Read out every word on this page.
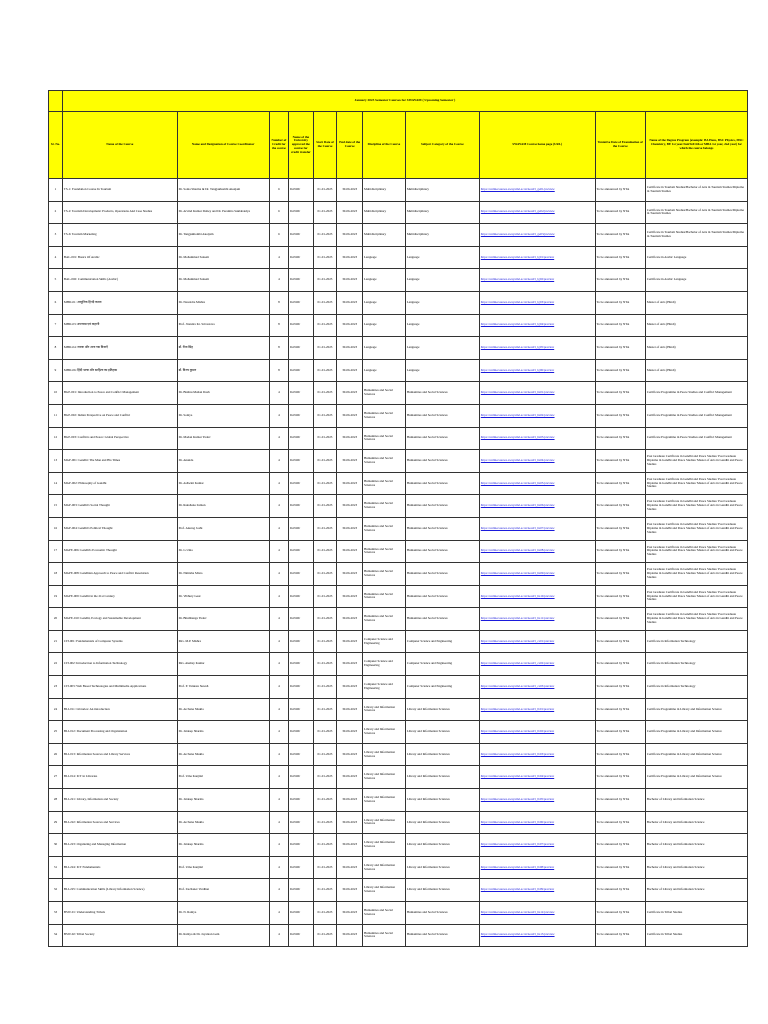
	January 2023 Semester Courses for SWAYAM ( Upcoming Semester )										
Sr. No.	Name of the Course	Name and Designation of Course Coordinator	Number of Credit for the course	Name of the University approved the course for credit transfer	Start Date of the Course	End date of the Course	Discipline of the Course	Subject Category of the Course	SWAYAM Course home page (URL)	Tentative Date of Examination of the Course	Name of the Degree Program (example: BA Hons, BSC Physics, MSC Chemistry, BE 1st year/2nd/3rd/4th or MBA 1st year, 2nd year) for which the course belongs
1	TS-1: Foundation Course In Tourism	Dr. Sonia Sharma & Dr. Tangjakhombi Akoijam	6	IGNOU	01-01-2023	30-06-2023	Multidisciplinary	Multidisciplinary	https://onlinecourses.swayam2.ac.in/nou23_ge01/preview	To be announced by NTA	Certificate in Tourism Studies/Bachelor of Arts in Tourism Studies/Diploma in Tourism Studies
2	TS-2: Tourism Development: Products, Operations And Case Studies	Dr. Arvind Kumar Dubey and Dr. Paramita Suklabaidya	6	IGNOU	01-01-2023	30-06-2023	Multidisciplinary	Multidisciplinary	https://onlinecourses.swayam2.ac.in/nou23_ge02/preview	To be announced by NTA	Certificate in Tourism Studies/Bachelor of Arts in Tourism Studies/Diploma in Tourism Studies
3	TS-6: Tourism Marketing	Dr. Tangjakhombi Akoijam	6	IGNOU	01-01-2023	30-06-2023	Multidisciplinary	Multidisciplinary	https://onlinecourses.swayam2.ac.in/nou23_ge03/preview	To be announced by NTA	Certificate in Tourism Studies/Bachelor of Arts in Tourism Studies/Diploma in Tourism Studies
4	BAL-001: Basics Of Arabic	Dr. Mohammad Saleem	4	IGNOU	01-01-2023	30-06-2023	Language	Language	https://onlinecourses.swayam2.ac.in/nou23_lg01/preview	To be announced by NTA	Certificate in Arabic Language
5	BAL-002: Communication Skills (Arabic)	Dr. Mohammad Saleem	4	IGNOU	01-01-2023	30-06-2023	Language	Language	https://onlinecourses.swayam2.ac.in/nou23_lg02/preview	To be announced by NTA	Certificate in Arabic Language
6	MHD-01: आधुनिक हिन्दी काव्य	Dr. Narendra Mishra	8	IGNOU	01-01-2023	30-06-2023	Language	Language	https://onlinecourses.swayam2.ac.in/nou23_lg03/preview	To be announced by NTA	Master of Arts (Hindi)
7	MHD-03: उपन्यास एवं कहानी	Prof. Jitendra Kr. Srivastava	8	IGNOU	01-01-2023	30-06-2023	Language	Language	https://onlinecourses.swayam2.ac.in/nou23_lg04/preview	To be announced by NTA	Master of Arts (Hindi)
8	MHD-04: नाटक और अन्य गद्य विधाएँ	डॉ. रीता सिंह	8	IGNOU	01-01-2023	30-06-2023	Language	Language	https://onlinecourses.swayam2.ac.in/nou23_lg05/preview	To be announced by NTA	Master of Arts (Hindi)
9	MHD-06: हिंदी भाषा और साहित्य का इतिहास	डॉ. विनय कुमार	8	IGNOU	01-01-2023	30-06-2023	Language	Language	https://onlinecourses.swayam2.ac.in/nou23_lg06/preview	To be announced by NTA	Master of Arts (Hindi)
10	BGP-001: Introduction to Peace and Conflict Management	Dr. Bishnu Mohan Dash	4	IGNOU	01-01-2023	30-06-2023	Humanities and Social Sciences	Humanities and Social Sciences	https://onlinecourses.swayam2.ac.in/nou23_hs01/preview	To be announced by NTA	Certificate Programme in Peace Studies and Conflict Management
11	BGP-002: Indian Perspective on Peace and Conflict	Dr. Soniya	4	IGNOU	01-01-2023	30-06-2023	Humanities and Social Sciences	Humanities and Social Sciences	https://onlinecourses.swayam2.ac.in/nou23_hs02/preview	To be announced by NTA	Certificate Programme in Peace Studies and Conflict Management
12	BGP-003: Conflicts and Peace: Global Perspective	Dr. Madan Kumar Yadav	4	IGNOU	01-01-2023	30-06-2023	Humanities and Social Sciences	Humanities and Social Sciences	https://onlinecourses.swayam2.ac.in/nou23_hs03/preview	To be announced by NTA	Certificate Programme in Peace Studies and Conflict Management
13	MGP-001: Gandhi: The Man and His Times	Dr. Anunda	4	IGNOU	01-01-2023	30-06-2023	Humanities and Social Sciences	Humanities and Social Sciences	https://onlinecourses.swayam2.ac.in/nou23_hs04/preview	To be announced by NTA	Post Graduate Certificate in Gandhi and Peace Studies/ Post Graduate Diploma in Gandhi and Peace Studies/ Master of Arts in Gandhi and Peace Studies
14	MGP-002: Philosophy of Gandhi	Dr. Ashwini Kumar	4	IGNOU	01-01-2023	30-06-2023	Humanities and Social Sciences	Humanities and Social Sciences	https://onlinecourses.swayam2.ac.in/nou23_hs05/preview	To be announced by NTA	Post Graduate Certificate in Gandhi and Peace Studies/ Post Graduate Diploma in Gandhi and Peace Studies/ Master of Arts in Gandhi and Peace Studies
15	MGP-003: Gandhi's Social Thought	Dr. Rakshana Zaman	4	IGNOU	01-01-2023	30-06-2023	Humanities and Social Sciences	Humanities and Social Sciences	https://onlinecourses.swayam2.ac.in/nou23_hs06/preview	To be announced by NTA	Post Graduate Certificate in Gandhi and Peace Studies/ Post Graduate Diploma in Gandhi and Peace Studies/ Master of Arts in Gandhi and Peace Studies
16	MGP-004: Gandhi's Political Thought	Prof. Anurag Joshi	4	IGNOU	01-01-2023	30-06-2023	Humanities and Social Sciences	Humanities and Social Sciences	https://onlinecourses.swayam2.ac.in/nou23_hs07/preview	To be announced by NTA	Post Graduate Certificate in Gandhi and Peace Studies/ Post Graduate Diploma in Gandhi and Peace Studies/ Master of Arts in Gandhi and Peace Studies
17	MGPE-006: Gandhi's Economic Thought	Dr. G Uma	4	IGNOU	01-01-2023	30-06-2023	Humanities and Social Sciences	Humanities and Social Sciences	https://onlinecourses.swayam2.ac.in/nou23_hs08/preview	To be announced by NTA	Post Graduate Certificate in Gandhi and Peace Studies/ Post Graduate Diploma in Gandhi and Peace Studies/ Master of Arts in Gandhi and Peace Studies
18	MGPE-008: Gandhian Approach to Peace and Conflict Resolution	Dr. Nimisha Misra	4	IGNOU	01-01-2023	30-06-2023	Humanities and Social Sciences	Humanities and Social Sciences	https://onlinecourses.swayam2.ac.in/nou23_hs09/preview	To be announced by NTA	Post Graduate Certificate in Gandhi and Peace Studies/ Post Graduate Diploma in Gandhi and Peace Studies/ Master of Arts in Gandhi and Peace Studies
19	MGPE-009: Gandhi in the 21st Century	Dr. Vibhuty Gaur	4	IGNOU	01-01-2023	30-06-2023	Humanities and Social Sciences	Humanities and Social Sciences	https://onlinecourses.swayam2.ac.in/nou23_hs10/preview	To be announced by NTA	Post Graduate Certificate in Gandhi and Peace Studies/ Post Graduate Diploma in Gandhi and Peace Studies/ Master of Arts in Gandhi and Peace Studies
20	MGPE-010: Gandhi, Ecology and Sustainable Development	Dr. Bhubhanga Yadav	4	IGNOU	01-01-2023	30-06-2023	Humanities and Social Sciences	Humanities and Social Sciences	https://onlinecourses.swayam2.ac.in/nou23_hs11/preview	To be announced by NTA	Post Graduate Certificate in Gandhi and Peace Studies/ Post Graduate Diploma in Gandhi and Peace Studies/ Master of Arts in Gandhi and Peace Studies
21	CIT-001: Fundamentals of Computer Systems	Mrs. M.P. Mishra	4	IGNOU	01-01-2023	30-06-2023	Computer Science and Engineering	Computer Science and Engineering	https://onlinecourses.swayam2.ac.in/nou23_cs01/preview	To be announced by NTA	Certificate in Information Technology
22	CIT-002: Introduction to Information Technology	Mrs. Akshay Kumar	4	IGNOU	01-01-2023	30-06-2023	Computer Science and Engineering	Computer Science and Engineering	https://onlinecourses.swayam2.ac.in/nou23_cs02/preview	To be announced by NTA	Certificate in Information Technology
23	CIT-003: Web Based Technologies and Multimedia Applications	Prof. P. Venkata Suresh	4	IGNOU	01-01-2023	30-06-2023	Computer Science and Engineering	Computer Science and Engineering	https://onlinecourses.swayam2.ac.in/nou23_cs03/preview	To be announced by NTA	Certificate in Information Technology
24	BLI-011: Libraries: An introduction	Dr. Archana Shukla	4	IGNOU	01-01-2023	30-06-2023	Library and Information Sciences	Library and Information Sciences	https://onlinecourses.swayam2.ac.in/nou23_lb01/preview	To be announced by NTA	Certificate Programme in Library and Information Science
25	BLI-012: Document Processing and Organization	Dr. Jaideep Sharma	4	IGNOU	01-01-2023	30-06-2023	Library and Information Sciences	Library and Information Sciences	https://onlinecourses.swayam2.ac.in/nou23_lb02/preview	To be announced by NTA	Certificate Programme in Library and Information Science
26	BLI-013: Information Sources and Library Services	Dr. Archana Shukla	4	IGNOU	01-01-2023	30-06-2023	Library and Information Sciences	Library and Information Sciences	https://onlinecourses.swayam2.ac.in/nou23_lb03/preview	To be announced by NTA	Certificate Programme in Library and Information Science
27	BLI-014: ICT in Libraries	Prof. Uma Kanjilal	4	IGNOU	01-01-2023	30-06-2023	Library and Information Sciences	Library and Information Sciences	https://onlinecourses.swayam2.ac.in/nou23_lb04/preview	To be announced by NTA	Certificate Programme in Library and Information Science
28	BLI-221: Library, Information and Society	Dr. Jaideep Sharma	4	IGNOU	01-01-2023	30-06-2023	Library and Information Sciences	Library and Information Sciences	https://onlinecourses.swayam2.ac.in/nou23_lb05/preview	To be announced by NTA	Bachelor of Library and Information Science
29	BLI-222: Information Sources and Services	Dr. Archana Shukla	4	IGNOU	01-01-2023	30-06-2023	Library and Information Sciences	Library and Information Sciences	https://onlinecourses.swayam2.ac.in/nou23_lb06/preview	To be announced by NTA	Bachelor of Library and Information Science
30	BLI-223: Organizing and Managing Information	Dr. Jaideep Sharma	4	IGNOU	01-01-2023	30-06-2023	Library and Information Sciences	Library and Information Sciences	https://onlinecourses.swayam2.ac.in/nou23_lb07/preview	To be announced by NTA	Bachelor of Library and Information Science
31	BLI-224: ICT Fundamentals	Prof. Uma Kanjilal	4	IGNOU	01-01-2023	30-06-2023	Library and Information Sciences	Library and Information Sciences	https://onlinecourses.swayam2.ac.in/nou23_lb08/preview	To be announced by NTA	Bachelor of Library and Information Science
32	BLI-225: Communication Skills (Library Information Science)	Prof. Zuchaner Vardhan	4	IGNOU	01-01-2023	30-06-2023	Library and Information Sciences	Library and Information Sciences	https://onlinecourses.swayam2.ac.in/nou23_lb09/preview	To be announced by NTA	Bachelor of Library and Information Science
33	BSW-01: Understanding Tribals	Dr. N. Ramya	4	IGNOU	01-01-2023	30-06-2023	Humanities and Social Sciences	Humanities and Social Sciences	https://onlinecourses.swayam2.ac.in/nou23_hs12/preview	To be announced by NTA	Certificate in Tribal Studies
34	BSW-02: Tribal Society	Dr. Ramya & Dr. Jayantan Gain	4	IGNOU	01-01-2023	30-06-2023	Humanities and Social Sciences	Humanities and Social Sciences	https://onlinecourses.swayam2.ac.in/nou23_hs13/preview	To be announced by NTA	Certificate in Tribal Studies
